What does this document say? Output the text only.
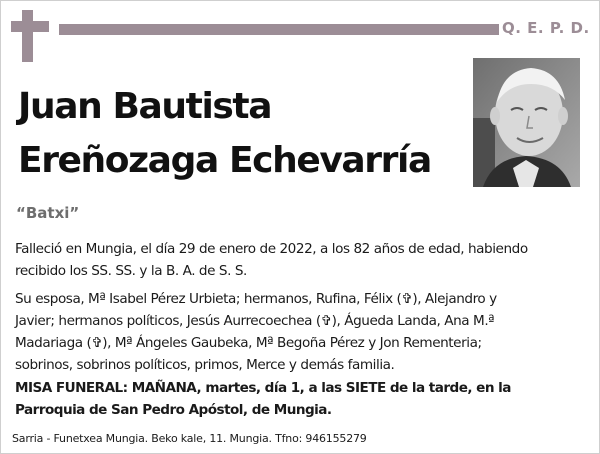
Q. E. P. D.
Juan Bautista
Ereñozaga Echevarría
“Batxi”
Falleció en Mungia, el día 29 de enero de 2022, a los 82 años de edad, habiendo
recibido los SS. SS. y la B. A. de S. S.
Su esposa, Mª Isabel Pérez Urbieta; hermanos, Rufina, Félix (✞), Alejandro y
Javier; hermanos políticos, Jesús Aurrecoechea (✞), Águeda Landa, Ana M.ª
Madariaga (✞), Mª Ángeles Gaubeka, Mª Begoña Pérez y Jon Rementeria;
sobrinos, sobrinos políticos, primos, Merce y demás familia.
MISA FUNERAL: MAÑANA, martes, día 1, a las SIETE de la tarde, en la
Parroquia de San Pedro Apóstol, de Mungia.
Sarria - Funetxea Mungia. Beko kale, 11. Mungia. Tfno: 946155279
